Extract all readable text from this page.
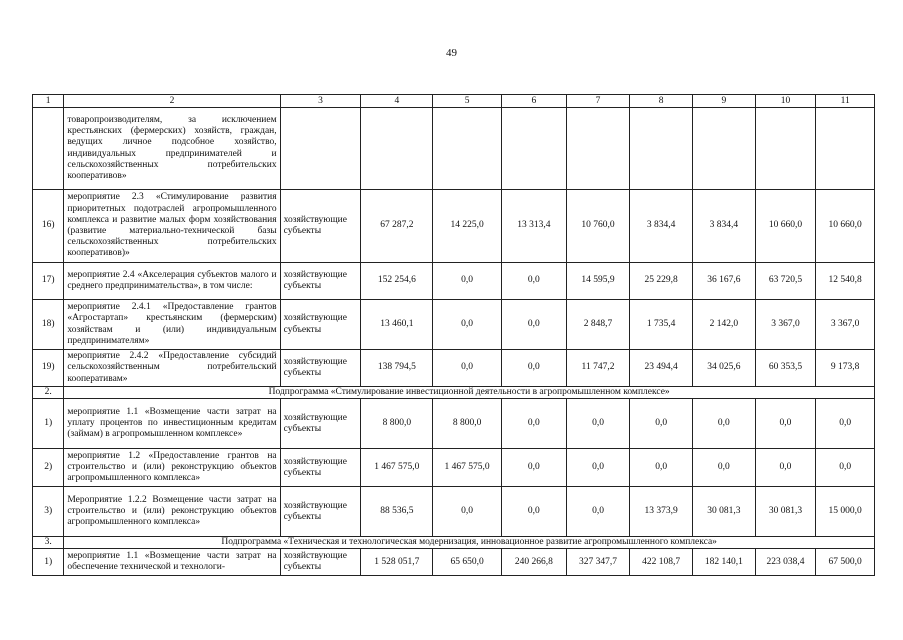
49
1	2	3	4	5	6	7	8	9	10	11
	товаропроизводителям, за исключением крестьянских (фермерских) хозяйств, граждан, ведущих личное подсобное хозяйство, индивидуальных предпринимателей и сельскохозяйственных потребительских кооперативов»									
16)	мероприятие 2.3 «Стимулирование развития приоритетных подотраслей агропромышленного комплекса и развитие малых форм хозяйствования (развитие материально-технической базы сельскохозяйственных потребительских кооперативов)»	хозяйствующие субъекты	67 287,2	14 225,0	13 313,4	10 760,0	3 834,4	3 834,4	10 660,0	10 660,0
17)	мероприятие 2.4 «Акселерация субъектов малого и среднего предпринимательства», в том числе:	хозяйствующие субъекты	152 254,6	0,0	0,0	14 595,9	25 229,8	36 167,6	63 720,5	12 540,8
18)	мероприятие 2.4.1 «Предоставление грантов «Агростартап» крестьянским (фермерским) хозяйствам и (или) индивидуальным предпринимателям»	хозяйствующие субъекты	13 460,1	0,0	0,0	2 848,7	1 735,4	2 142,0	3 367,0	3 367,0
19)	мероприятие 2.4.2 «Предоставление субсидий сельскохозяйственным потребительский кооперативам»	хозяйствующие субъекты	138 794,5	0,0	0,0	11 747,2	23 494,4	34 025,6	60 353,5	9 173,8
2.	Подпрограмма «Стимулирование инвестиционной деятельности в агропромышленном комплексе»									
1)	мероприятие 1.1 «Возмещение части затрат на уплату процентов по инвестиционным кредитам (займам) в агропромышленном комплексе»	хозяйствующие субъекты	8 800,0	8 800,0	0,0	0,0	0,0	0,0	0,0	0,0
2)	мероприятие 1.2 «Предоставление грантов на строительство и (или) реконструкцию объектов агропромышленного комплекса»	хозяйствующие субъекты	1 467 575,0	1 467 575,0	0,0	0,0	0,0	0,0	0,0	0,0
3)	Мероприятие 1.2.2 Возмещение части затрат на строительство и (или) реконструкцию объектов агропромышленного комплекса»	хозяйствующие субъекты	88 536,5	0,0	0,0	0,0	13 373,9	30 081,3	30 081,3	15 000,0
3.	Подпрограмма «Техническая и технологическая модернизация, инновационное развитие агропромышленного комплекса»									
1)	мероприятие 1.1 «Возмещение части затрат на обеспечение технической и технологи-	хозяйствующие субъекты	1 528 051,7	65 650,0	240 266,8	327 347,7	422 108,7	182 140,1	223 038,4	67 500,0
